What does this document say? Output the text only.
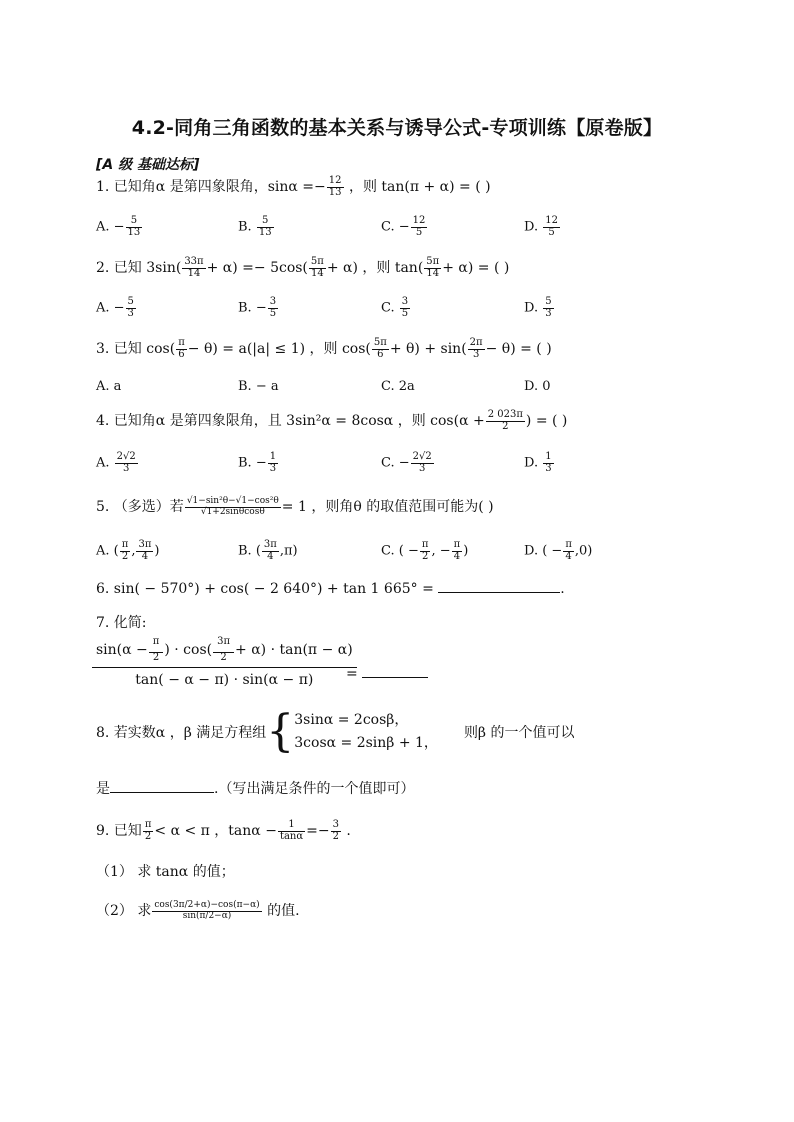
4.2-同角三角函数的基本关系与诱导公式-专项训练【原卷版】
[A 级 基础达标]
1. 已知角α 是第四象限角，$\sin\alpha =- \frac{12}{13}$ ，则 tan(π + α) = ( )
A. − $\frac{5}{13}$	B. $\frac{5}{13}$	C. − $\frac{12}{5}$	D. $\frac{12}{5}$
2. 已知 $3\sin( \frac{33\pi}{14} + \alpha) =- 5\cos( \frac{5\pi}{14} + \alpha)$ ，则 $\tan( \frac{5\pi}{14} + \alpha)$ = ( )
A. − $\frac{5}{3}$	B. − $\frac{3}{5}$	C. $\frac{3}{5}$	D. $\frac{5}{3}$
3. 已知 $\cos( \frac{\pi}{6} - \theta) = a(|a| \le 1)$ ，则 $\cos( \frac{5\pi}{6} + \theta) + \sin( \frac{2\pi}{3} - \theta)$ = ( )
A. a	B. − a	C. 2a	D. 0
4. 已知角α 是第四象限角，且 3sin²α = 8cosα ，则 $\cos(\alpha + \frac{2 023\pi}{2}$ ) = ( )
A. $\frac{2√2}{3}$	B. − $\frac{1}{3}$	C. − $\frac{2√2}{3}$	D. $\frac{1}{3}$
5. （多选）若 $\frac{\text{√1−sin²θ−√1−cos²θ}}{√1+2\sin\theta\cos\theta} = 1$ ，则角θ 的取值范围可能为( )
A. ( $\frac{\pi}{2}$ , $\frac{3\pi}{4}$ )	B. ( $\frac{3\pi}{4} ,\pi$)	C. ( − $\frac{\pi}{2}$ , − $\frac{\pi}{4}$ )	D. ( − $\frac{\pi}{4} ,0$)
6. sin( − 570°) + cos( − 2 640°) + tan 1 665° =	.
7. 化简:
$\frac{\sin(\alpha - \frac{\pi}{2} ) \cdot \cos( \frac{3\pi}{2} + \alpha) \cdot \tan(\pi - \alpha)}{\tan( - \alpha - \pi) \cdot \sin(\alpha - \pi)}$
=
8. 若实数α ，β 满足方程组{3sinα = 2cosβ，
3cosα = 2sinβ + 1，则β 的一个值可以
是	.（写出满足条件的一个值即可）
9. 已知 $\frac{\pi}{2} < \alpha < \pi$ ，$\tan\alpha - \frac{1}{\tan\alpha} =- \frac{3}{2}$ .
（1） 求 tanα 的值；
（2） 求 $\frac{\cos(3\pi/2+\alpha)-\cos(\pi-\alpha)}{\sin(\pi/2-\alpha)}$ 的值.
